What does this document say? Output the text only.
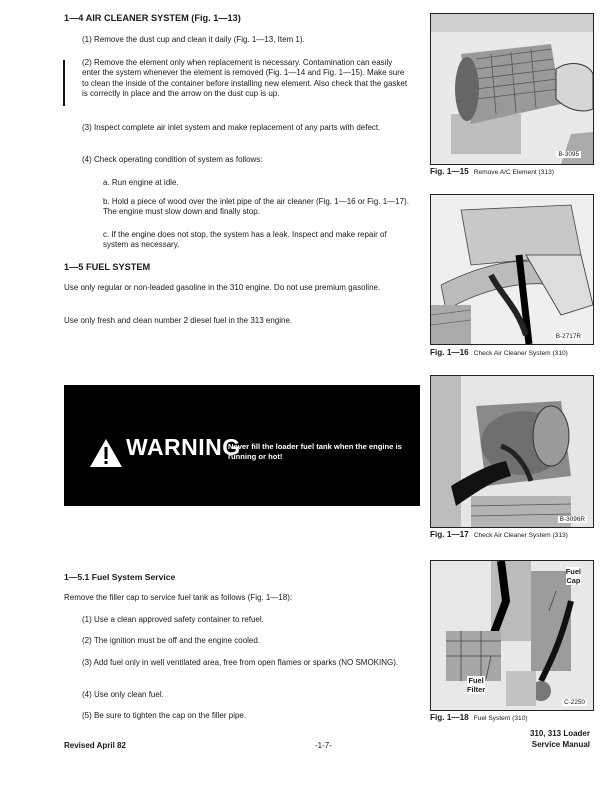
1—4 AIR CLEANER SYSTEM (Fig. 1—13)
(1) Remove the dust cup and clean it daily (Fig. 1—13, Item 1).
(2) Remove the element only when replacement is necessary. Contamination can easily enter the system whenever the element is removed (Fig. 1—14 and Fig. 1—15). Make sure to clean the inside of the container before installing new element. Also check that the gasket is correctly in place and the arrow on the dust cup is up.
(3) Inspect complete air inlet system and make replacement of any parts with defect.
(4) Check operating condition of system as follows:
a. Run engine at idle.
b. Hold a piece of wood over the inlet pipe of the air cleaner (Fig. 1—16 or Fig. 1—17). The engine must slow down and finally stop.
c. If the engine does not stop, the system has a leak. Inspect and make repair of system as necessary.
1—5 FUEL SYSTEM
Use only regular or non-leaded gasoline in the 310 engine. Do not use premium gasoline.
Use only fresh and clean number 2 diesel fuel in the 313 engine.
WARNING
Never fill the loader fuel tank when the engine is running or hot!
1—5.1 Fuel System Service
Remove the filler cap to service fuel tank as follows (Fig. 1—18):
(1) Use a clean approved safety container to refuel.
(2) The ignition must be off and the engine cooled.
(3) Add fuel only in well ventilated area, free from open flames or sparks (NO SMOKING).
(4) Use only clean fuel.
(5) Be sure to tighten the cap on the filler pipe.
B-3095
Fig. 1—15 Remove A/C Element (313)
B-2717R
Fig. 1—16 Check Air Cleaner System (310)
B-3096R
Fig. 1—17 Check Air Cleaner System (313)
Fuel
Cap
Fuel
Filter
C-2250
Fig. 1—18 Fuel System (310)
Revised April 82	-1-7-
310, 313 Loader
Service Manual
